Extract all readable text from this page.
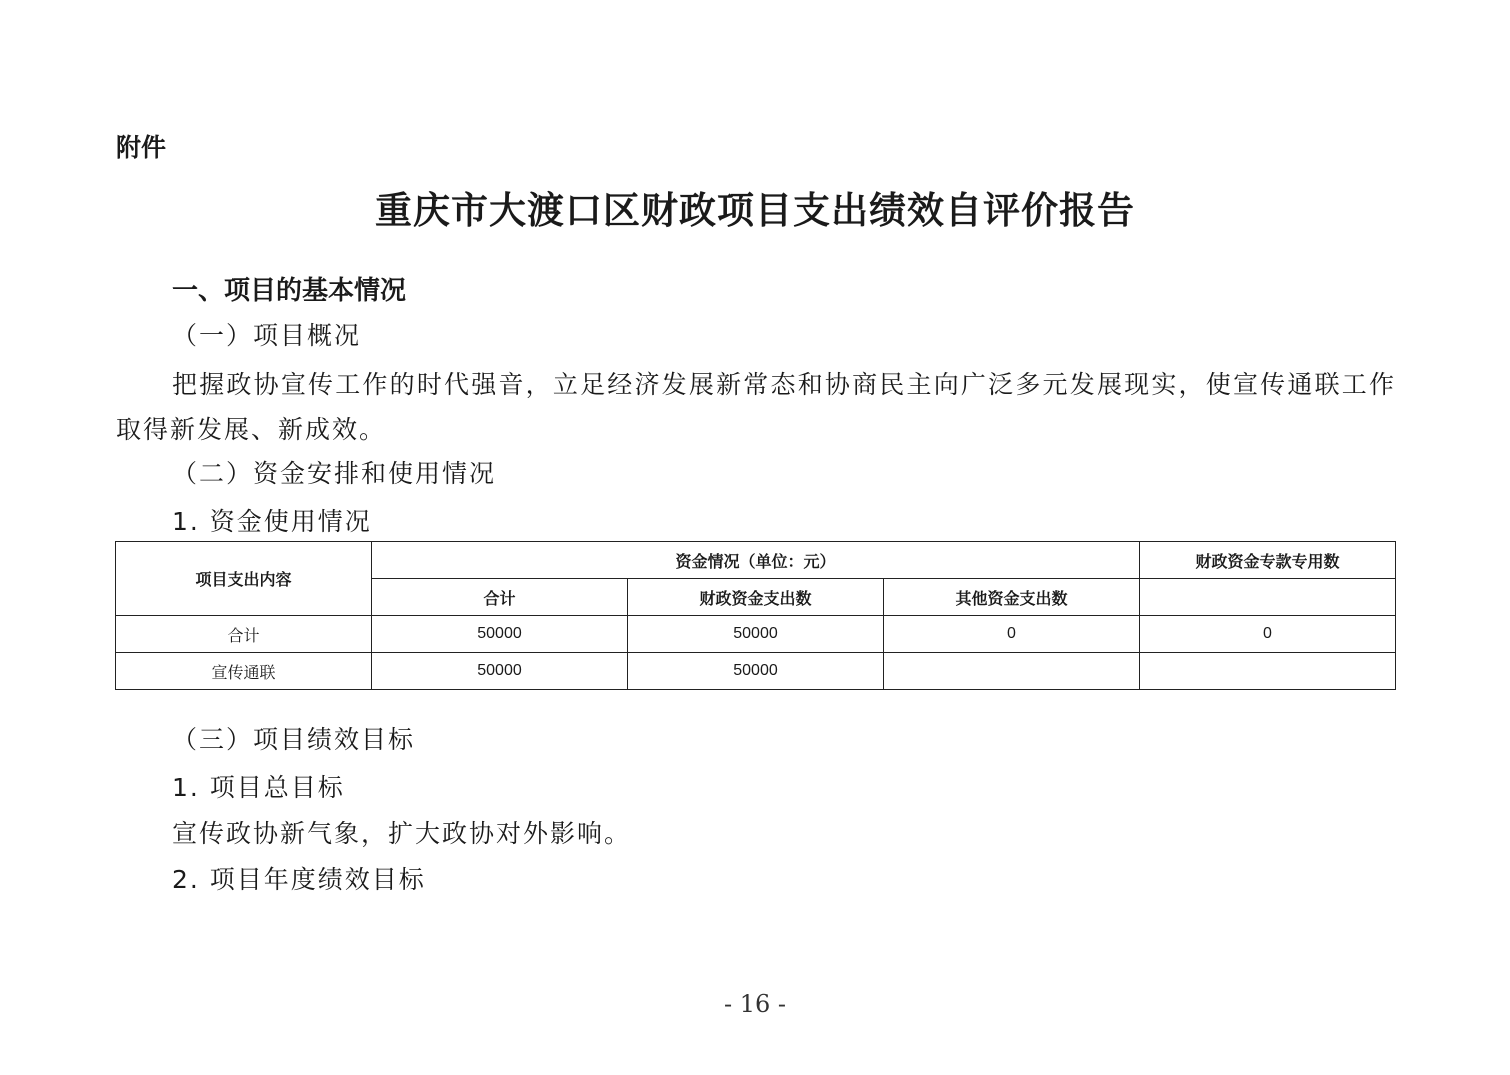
附件
重庆市大渡口区财政项目支出绩效自评价报告
一、项目的基本情况
（一）项目概况
把握政协宣传工作的时代强音，立足经济发展新常态和协商民主向广泛多元发展现实，使宣传通联工作取得新发展、新成效。
（二）资金安排和使用情况
1. 资金使用情况
项目支出内容	资金情况（单位：元）			财政资金专款专用数
	合计	财政资金支出数	其他资金支出数	
合计	50000	50000	0	0
宣传通联	50000	50000		
（三）项目绩效目标
1. 项目总目标
宣传政协新气象，扩大政协对外影响。
2. 项目年度绩效目标
- 16 -
